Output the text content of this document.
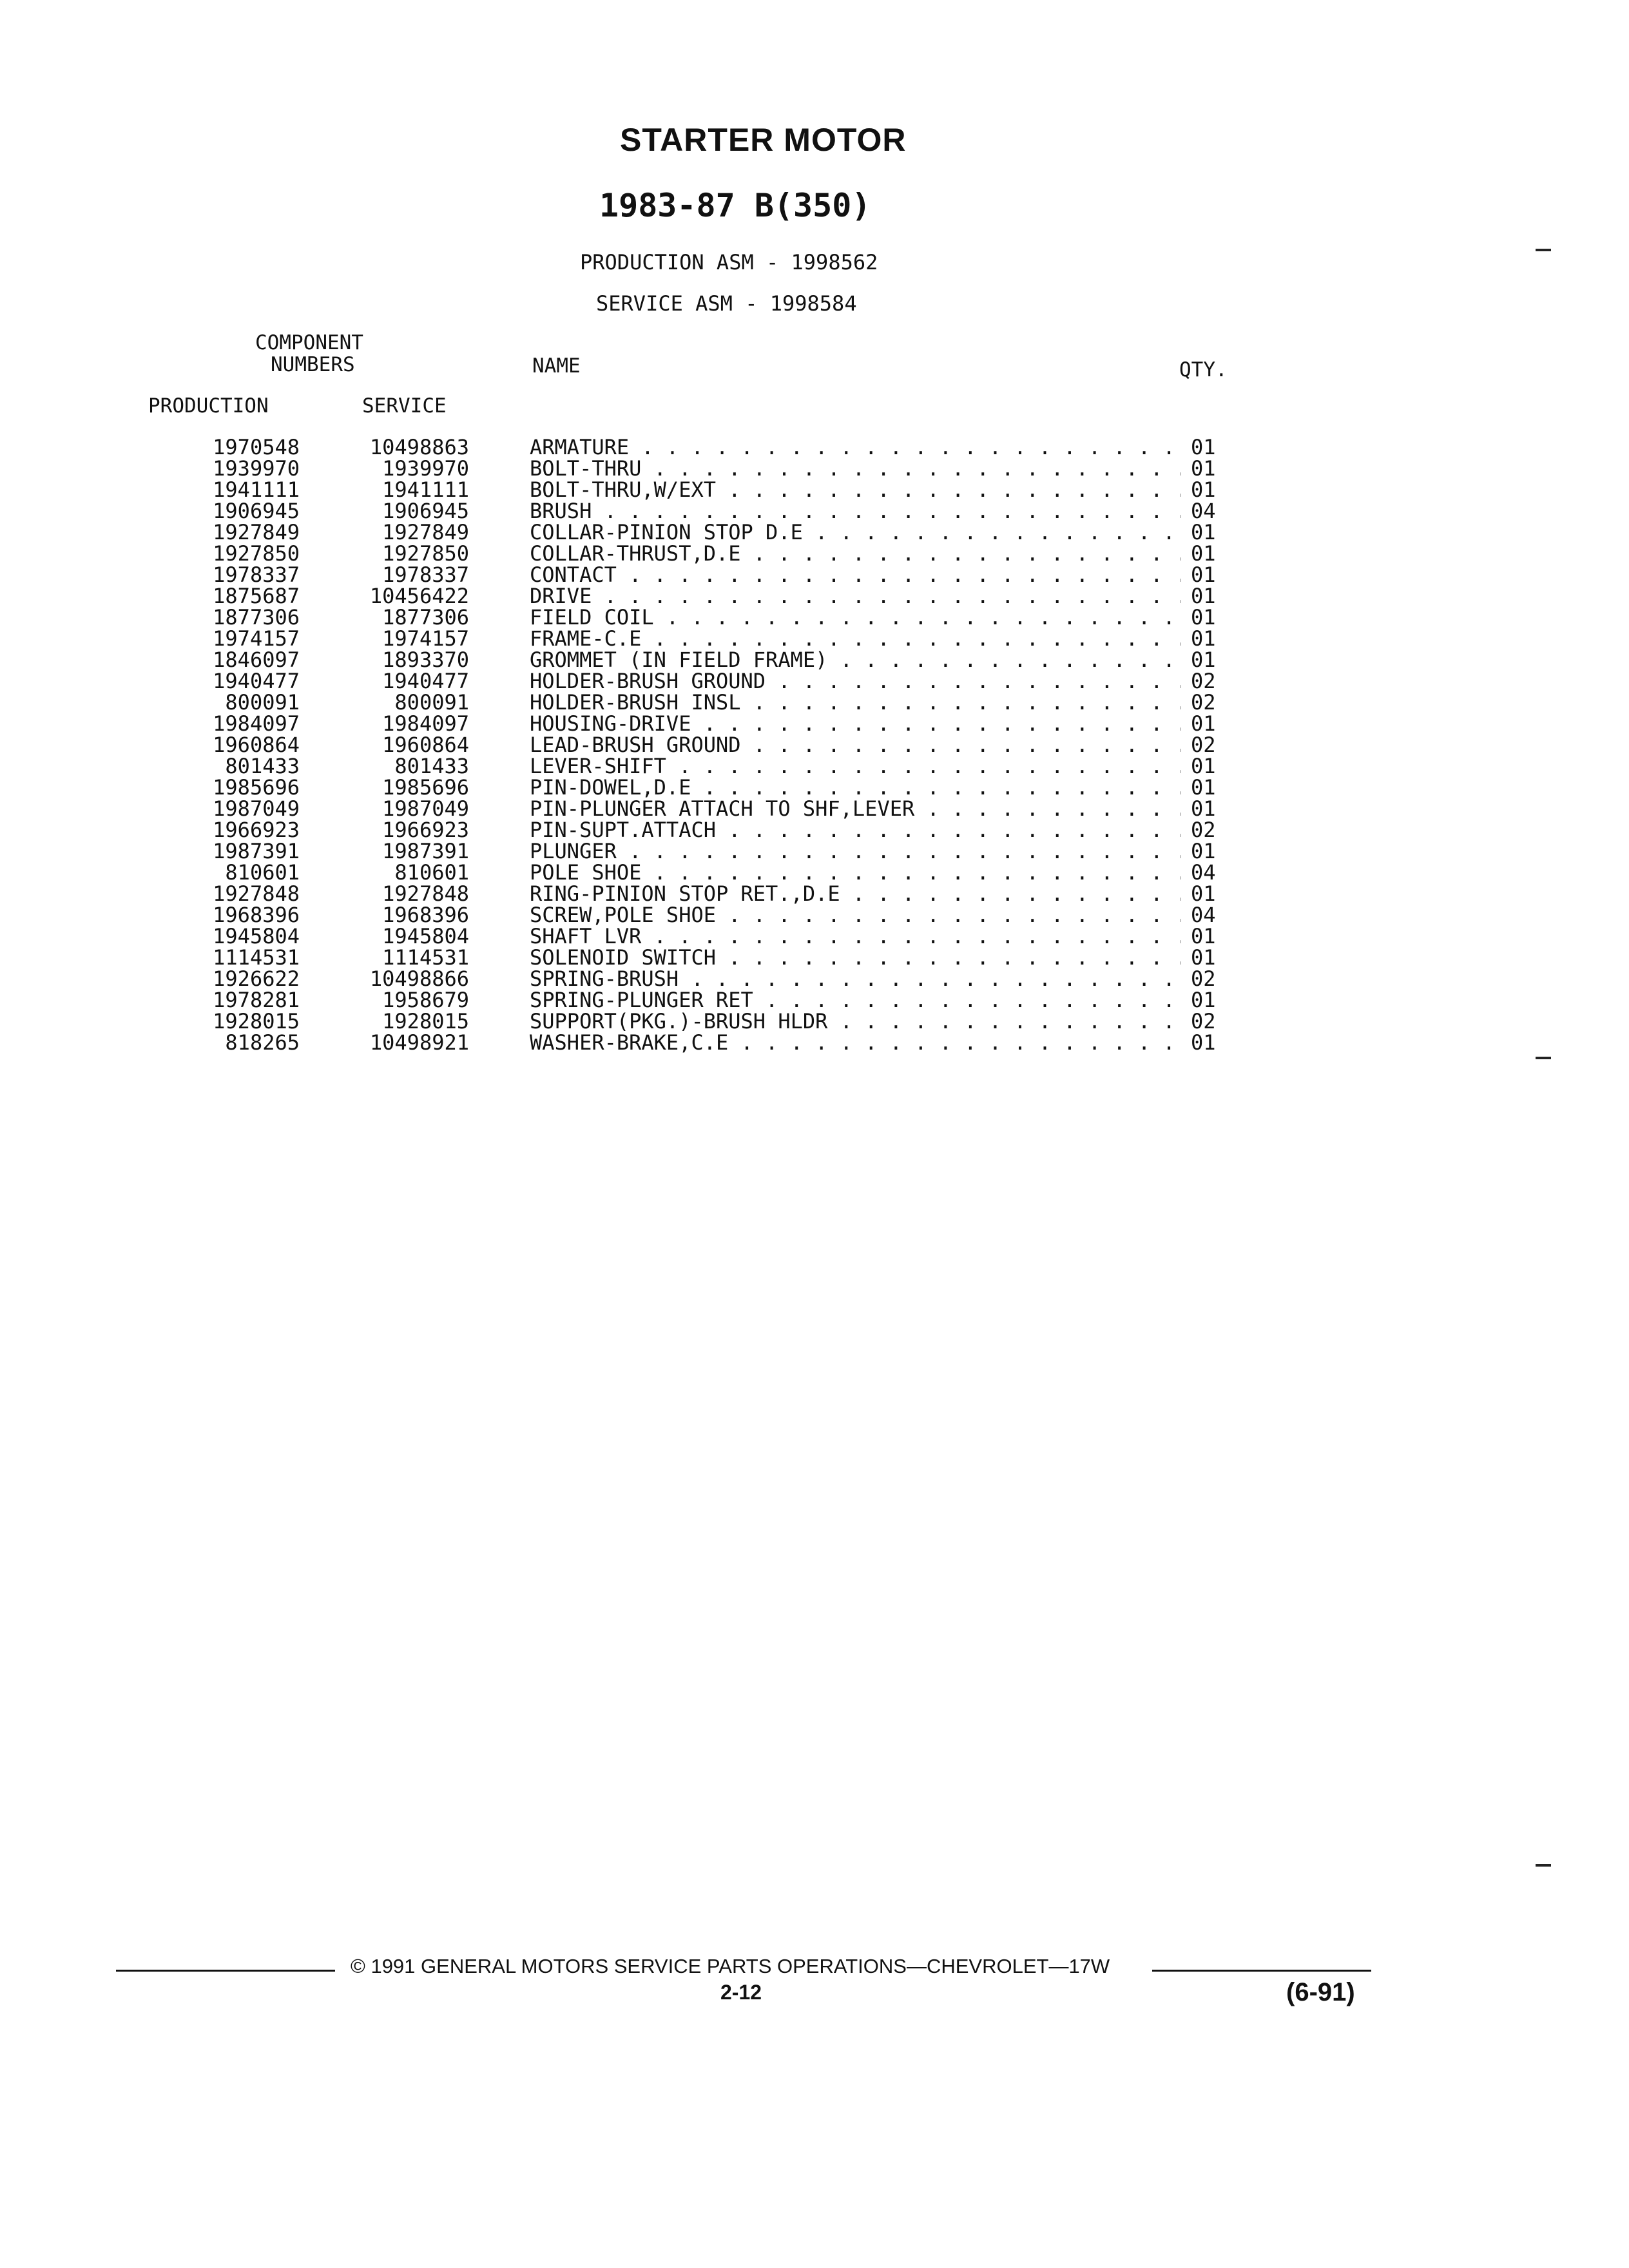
STARTER MOTOR
1983-87 B(350)
PRODUCTION ASM - 1998562
SERVICE ASM - 1998584
COMPONENT
NUMBERS
PRODUCTION	SERVICE
NAME	QTY.
1970548	10498863	ARMATURE . . .	01
1939970	1939970	BOLT-THRU . . .	01
1941111	1941111	BOLT-THRU,W/EXT . . .	01
1906945	1906945	BRUSH . . .	04
1927849	1927849	COLLAR-PINION STOP D.E . . .	01
1927850	1927850	COLLAR-THRUST,D.E . . .	01
1978337	1978337	CONTACT . . .	01
1875687	10456422	DRIVE . . .	01
1877306	1877306	FIELD COIL . . .	01
1974157	1974157	FRAME-C.E . . .	01
1846097	1893370	GROMMET (IN FIELD FRAME) . . .	01
1940477	1940477	HOLDER-BRUSH GROUND . . .	02
800091	800091	HOLDER-BRUSH INSL . . .	02
1984097	1984097	HOUSING-DRIVE . . .	01
1960864	1960864	LEAD-BRUSH GROUND . . .	02
801433	801433	LEVER-SHIFT . . .	01
1985696	1985696	PIN-DOWEL,D.E . . .	01
1987049	1987049	PIN-PLUNGER ATTACH TO SHF,LEVER . . .	01
1966923	1966923	PIN-SUPT.ATTACH . . .	02
1987391	1987391	PLUNGER . . .	01
810601	810601	POLE SHOE . . .	04
1927848	1927848	RING-PINION STOP RET.,D.E . . .	01
1968396	1968396	SCREW,POLE SHOE . . .	04
1945804	1945804	SHAFT LVR . . .	01
1114531	1114531	SOLENOID SWITCH . . .	01
1926622	10498866	SPRING-BRUSH . . .	02
1978281	1958679	SPRING-PLUNGER RET . . .	01
1928015	1928015	SUPPORT(PKG.)-BRUSH HLDR . . .	02
818265	10498921	WASHER-BRAKE,C.E . . .	01
© 1991 GENERAL MOTORS SERVICE PARTS OPERATIONS—CHEVROLET—17W
2-12	(6-91)
